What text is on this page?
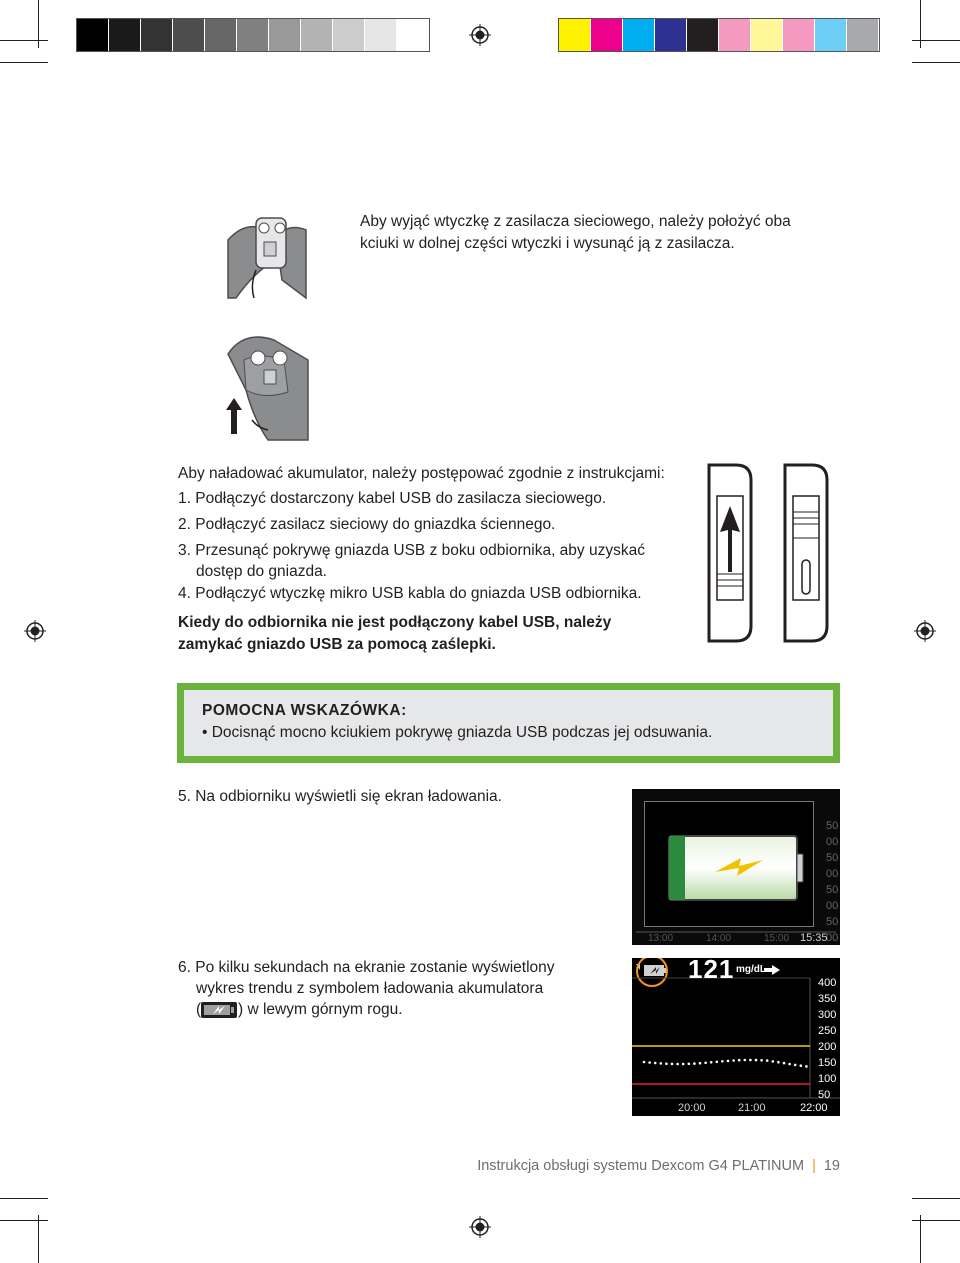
Aby wyjąć wtyczkę z zasilacza sieciowego, należy położyć oba
kciuki w dolnej części wtyczki i wysunąć ją z zasilacza.
Aby naładować akumulator, należy postępować zgodnie z instrukcjami:
1. Podłączyć dostarczony kabel USB do zasilacza sieciowego.
2. Podłączyć zasilacz sieciowy do gniazdka ściennego.
3. Przesunąć pokrywę gniazda USB z boku odbiornika, aby uzyskać
dostęp do gniazda.
4. Podłączyć wtyczkę mikro USB kabla do gniazda USB odbiornika.
Kiedy do odbiornika nie jest podłączony kabel USB, należy
zamykać gniazdo USB za pomocą zaślepki.
POMOCNA WSKAZÓWKA:
• Docisnąć mocno kciukiem pokrywę gniazda USB podczas jej odsuwania.
5. Na odbiorniku wyświetli się ekran ładowania.
50
00
50
00
50
00
50
00
13:00	14:00	15:00 15:35
6. Po kilku sekundach na ekranie zostanie wyświetlony
wykres trendu z symbolem ładowania akumulatora
( ) w lewym górnym rogu.
400
350
300
250
200
150
100
50
121 mg/dL
20:00	21:00	22:00
Instrukcja obsługi systemu Dexcom G4 PLATINUM | 19
